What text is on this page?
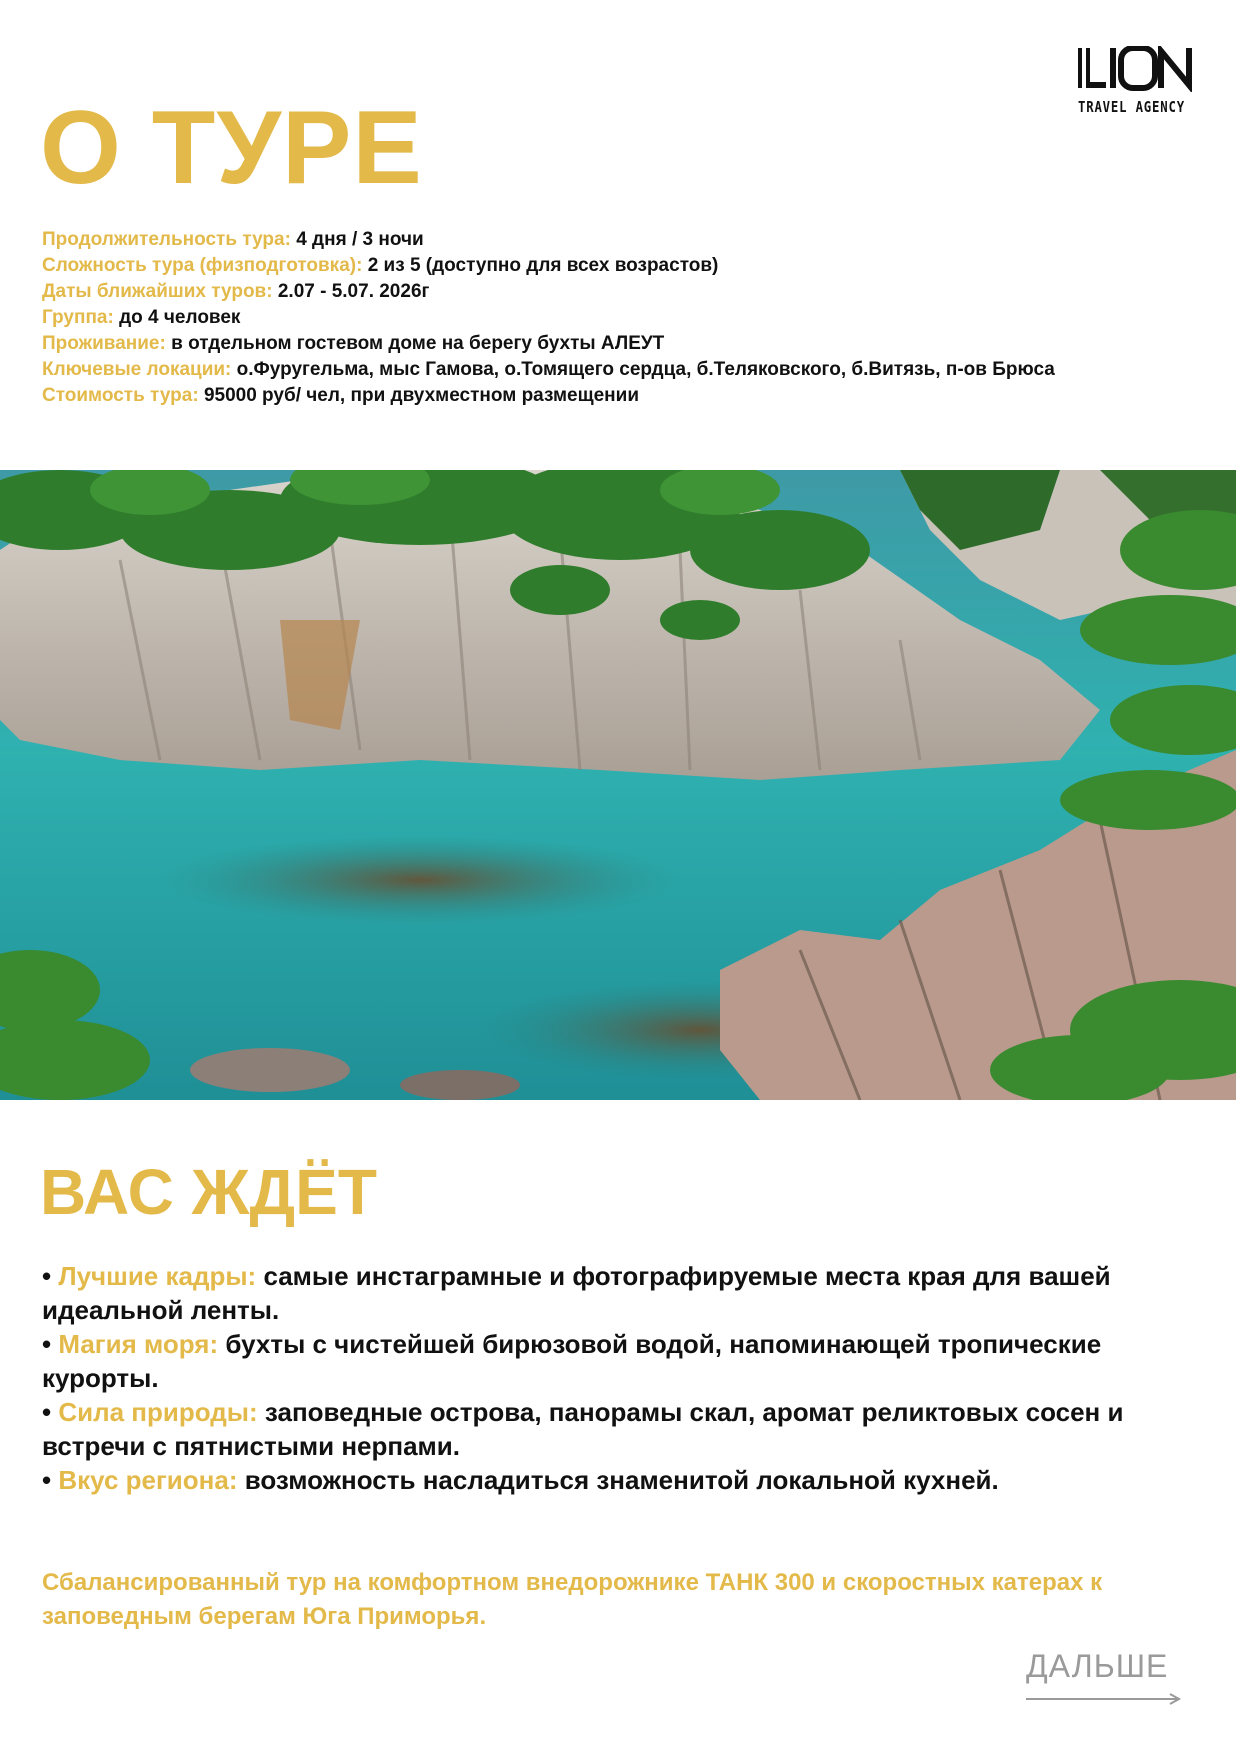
TRAVEL AGENCY
О ТУРЕ
Продолжительность тура: 4 дня / 3 ночи
Сложность тура (физподготовка): 2 из 5 (доступно для всех возрастов)
Даты ближайших туров: 2.07 - 5.07. 2026г
Группа: до 4 человек
Проживание: в отдельном гостевом доме на берегу бухты АЛЕУТ
Ключевые локации: о.Фуругельма, мыс Гамова, о.Томящего сердца, б.Теляковского, б.Витязь, п-ов Брюса
Стоимость тура: 95000 руб/ чел, при двухместном размещении
ВАС ЖДЁТ

• Лучшие кадры: самые инстаграмные и фотографируемые места края для вашей идеальной ленты.

• Магия моря: бухты с чистейшей бирюзовой водой, напоминающей тропические курорты.

• Сила природы: заповедные острова, панорамы скал, аромат реликтовых сосен и встречи с пятнистыми нерпами.

• Вкус региона: возможность насладиться знаменитой локальной кухней.

Сбалансированный тур на комфортном внедорожнике ТАНК 300 и скоростных катерах к заповедным берегам Юга Приморья.
ДАЛЬШЕ
